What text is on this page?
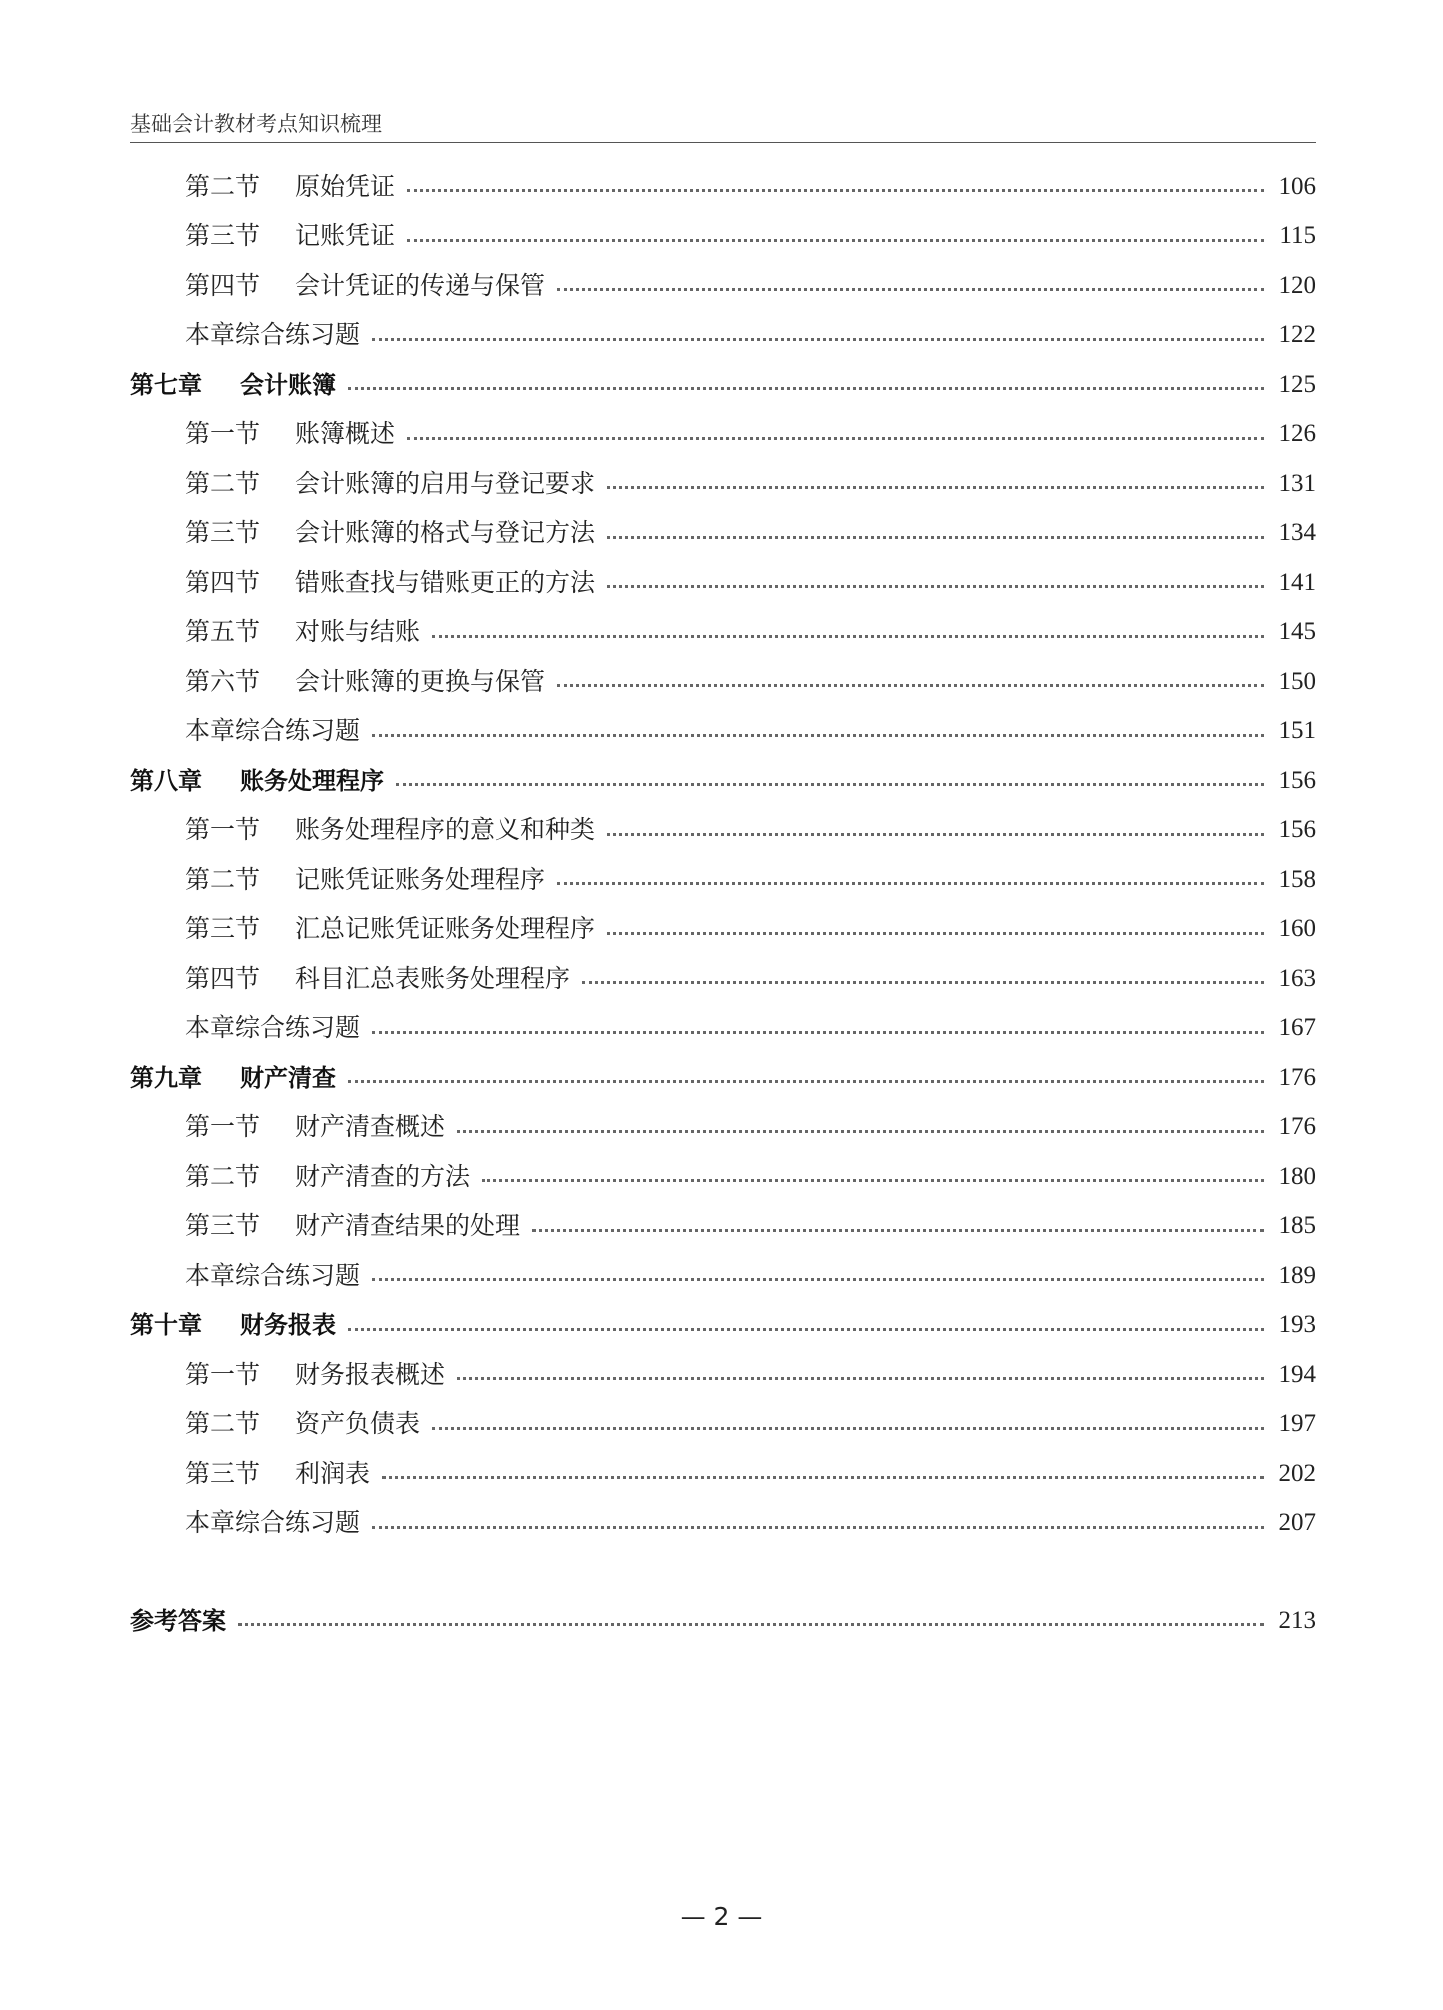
基础会计教材考点知识梳理
第二节	原始凭证	106
第三节	记账凭证	115
第四节	会计凭证的传递与保管	120
本章综合练习题	122
第七章	会计账簿	125
第一节	账簿概述	126
第二节	会计账簿的启用与登记要求	131
第三节	会计账簿的格式与登记方法	134
第四节	错账查找与错账更正的方法	141
第五节	对账与结账	145
第六节	会计账簿的更换与保管	150
本章综合练习题	151
第八章	账务处理程序	156
第一节	账务处理程序的意义和种类	156
第二节	记账凭证账务处理程序	158
第三节	汇总记账凭证账务处理程序	160
第四节	科目汇总表账务处理程序	163
本章综合练习题	167
第九章	财产清查	176
第一节	财产清查概述	176
第二节	财产清查的方法	180
第三节	财产清查结果的处理	185
本章综合练习题	189
第十章	财务报表	193
第一节	财务报表概述	194
第二节	资产负债表	197
第三节	利润表	202
本章综合练习题	207
参考答案	213
— 2 —
